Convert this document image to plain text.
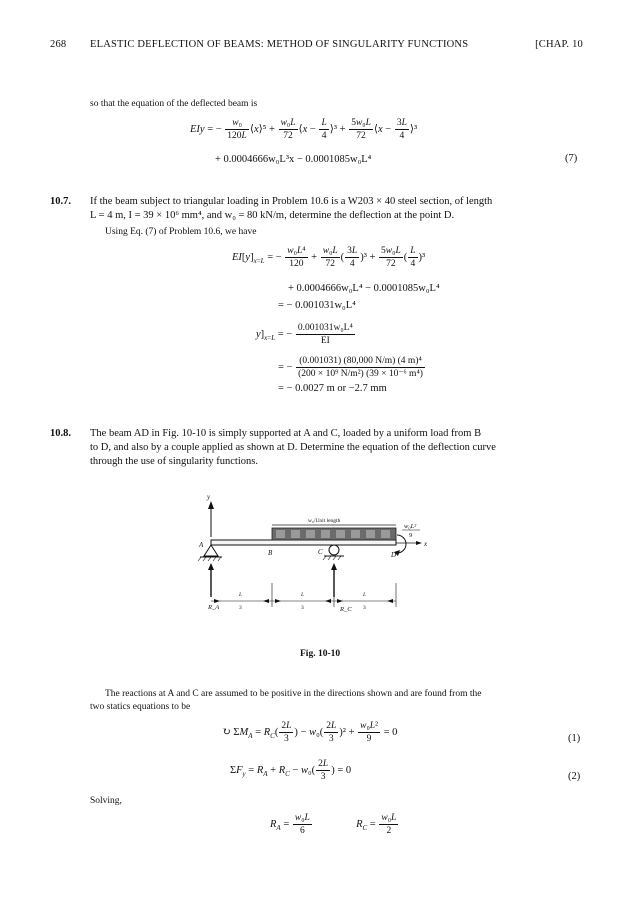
268 ELASTIC DEFLECTION OF BEAMS: METHOD OF SINGULARITY FUNCTIONS	[CHAP. 10
so that the equation of the deflected beam is
EIy = − $\frac{\text{w₀}}{120L}$ ⟨x⟩⁵ + $\frac{\text{w₀L}}{72}$ ⟨x − $\frac{L}{4}$ ⟩³ + $\frac{\text{5w₀L}}{72}$ ⟨x − $\frac{3L}{4}$ ⟩³
+ 0.0004666w₀L³x − 0.0001085w₀L⁴	(7)
10.7. If the beam subject to triangular loading in Problem 10.6 is a W203 × 40 steel section, of length
L = 4 m, I = 39 × 10⁶ mm⁴, and w₀ = 80 kN/m, determine the deflection at the point D.
Using Eq. (7) of Problem 10.6, we have
$EI[y]_{x=L}$ = − $\frac{\text{w₀L⁴}}{120} + \frac{\text{w₀L}}{72}$ ( $\frac{3L}{4} )^3 + \frac{\text{5w₀L}}{72}$ ( $\frac{L}{4} )^3$
+ 0.0004666w₀L⁴ − 0.0001085w₀L⁴
= − 0.001031w₀L⁴
$y]_{x=L}$ = − $\frac{\text{0.001031w₀L⁴}}{EI}$
= − $\frac{\text{(0.001031) (80,000 N/m) (4 m)⁴}}{\text{(200 × 10⁹ N/m²) (39 × 10⁻⁶ m⁴)}}$
= − 0.0027 m or −2.7 mm
10.8. The beam AD in Fig. 10-10 is simply supported at A and C, loaded by a uniform load from B
to D, and also by a couple applied as shown at D. Determine the equation of the deflection curve
through the use of singularity functions.
y
w₀/Unit length
w₀L²
9
x
A
C
B	D
R_A	R_C
L
3
L
3
L
3
Fig. 10-10
The reactions at A and C are assumed to be positive in the directions shown and are found from the
two statics equations to be
↻ $\Sigma M_A = R_C( \frac{2L}{3}$ ) − $w_0( \frac{2L}{3} )^2 + \frac{\text{w₀L²}}{9} = 0$
(1)
$\Sigma F_y = R_A + R_C - w_0( \frac{2L}{3}$ ) = 0
(2)
Solving,
$R_A = \frac{\text{w₀L}}{6}$	$R_C = \frac{\text{w₀L}}{2}$
